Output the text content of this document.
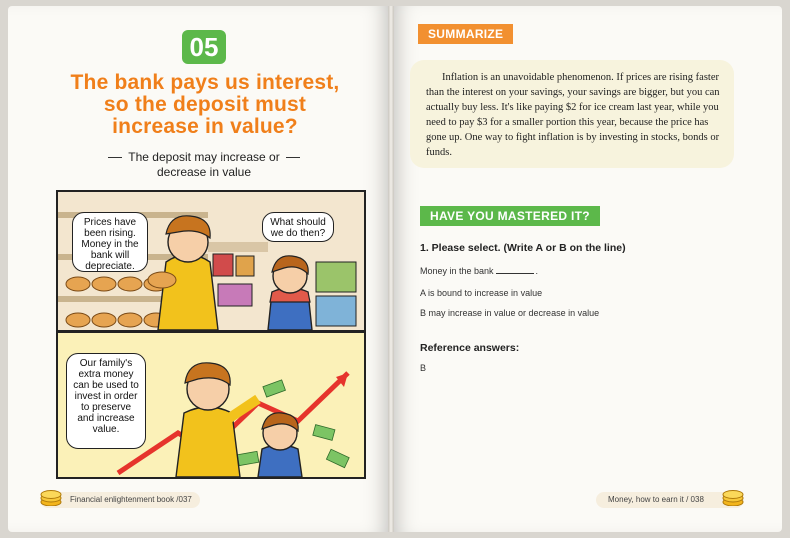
05
The bank pays us interest, so the deposit must increase in value?
The deposit may increase or
decrease in value
Prices have been rising. Money in the bank will depreciate.
What should we do then?
Our family's extra money can be used to invest in order to preserve and increase value.
Financial enlightenment book /037
SUMMARIZE
Inflation is an unavoidable phenomenon. If prices are rising faster than the interest on your savings, your savings are bigger, but you can actually buy less. It's like paying $2 for ice cream last year, while you need to pay $3 for a smaller portion this year, because the price has gone up. One way to fight inflation is by investing in stocks, bonds or funds.
HAVE YOU MASTERED IT?
1. Please select. (Write A or B on the line)
Money in the bank	.
A is bound to increase in value
B may increase in value or decrease in value
Reference answers:
B
Money, how to earn it / 038
